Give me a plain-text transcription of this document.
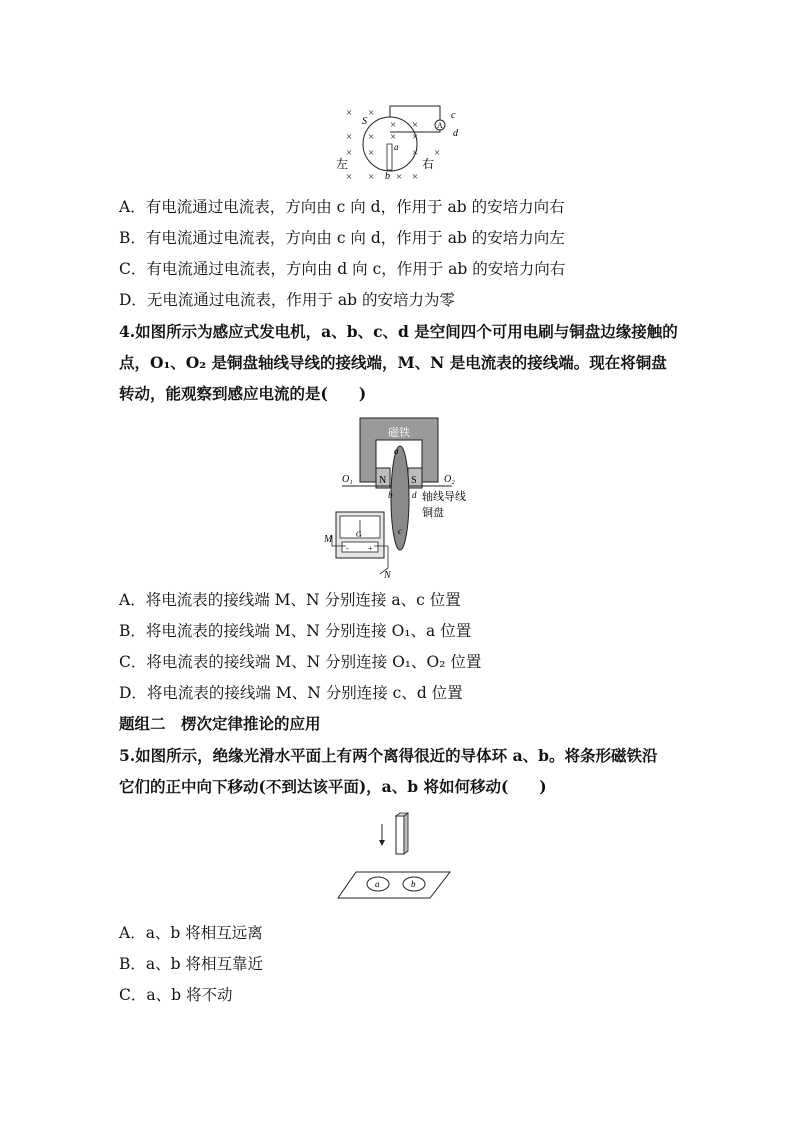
× ×
×
×
× ×
×
× ×
×
×
× × × ×
×
A
S
c
d
a
b
左	右
A．有电流通过电流表，方向由 c 向 d，作用于 ab 的安培力向右
B．有电流通过电流表，方向由 c 向 d，作用于 ab 的安培力向左
C．有电流通过电流表，方向由 d 向 c，作用于 ab 的安培力向右
D．无电流通过电流表，作用于 ab 的安培力为零
4.如图所示为感应式发电机，a、b、c、d 是空间四个可用电刷与铜盘边缘接触的
点，O₁、O₂ 是铜盘轴线导线的接线端，M、N 是电流表的接线端。现在将铜盘
转动，能观察到感应电流的是(　　)
磁铁
N S
a
b d
c
O₁	O₂
轴线导线
铜盘
G
- +
M
N
A．将电流表的接线端 M、N 分别连接 a、c 位置
B．将电流表的接线端 M、N 分别连接 O₁、a 位置
C．将电流表的接线端 M、N 分别连接 O₁、O₂ 位置
D．将电流表的接线端 M、N 分别连接 c、d 位置
题组二　楞次定律推论的应用
5.如图所示，绝缘光滑水平面上有两个离得很近的导体环 a、b。将条形磁铁沿
它们的正中向下移动(不到达该平面)，a、b 将如何移动(　　)
a	b
A．a、b 将相互远离
B．a、b 将相互靠近
C．a、b 将不动
